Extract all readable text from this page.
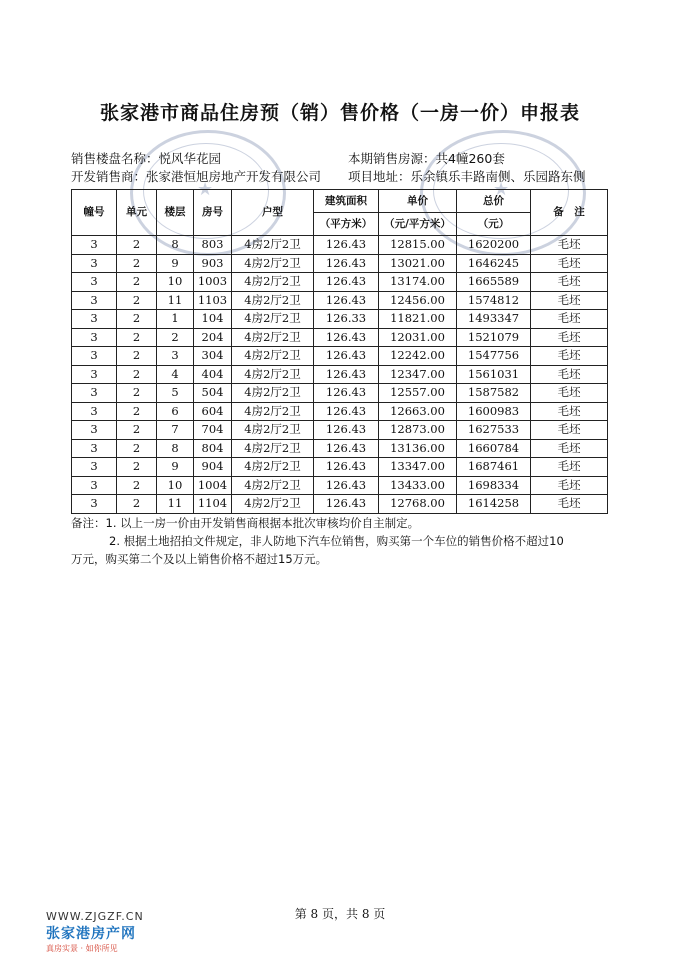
张家港市商品住房预（销）售价格（一房一价）申报表
★	★
销售楼盘名称：悦风华花园	本期销售房源：共4幢260套
开发销售商：张家港恒旭房地产开发有限公司 项目地址：乐余镇乐丰路南侧、乐园路东侧
幢号	单元	楼层	房号	户型	建筑面积	单价	总价	备　注
					（平方米）	（元/平方米）	（元）	
3	2	8	803	4房2厅2卫	126.43	12815.00	1620200	毛坯
3	2	9	903	4房2厅2卫	126.43	13021.00	1646245	毛坯
3	2	10	1003	4房2厅2卫	126.43	13174.00	1665589	毛坯
3	2	11	1103	4房2厅2卫	126.43	12456.00	1574812	毛坯
3	2	1	104	4房2厅2卫	126.33	11821.00	1493347	毛坯
3	2	2	204	4房2厅2卫	126.43	12031.00	1521079	毛坯
3	2	3	304	4房2厅2卫	126.43	12242.00	1547756	毛坯
3	2	4	404	4房2厅2卫	126.43	12347.00	1561031	毛坯
3	2	5	504	4房2厅2卫	126.43	12557.00	1587582	毛坯
3	2	6	604	4房2厅2卫	126.43	12663.00	1600983	毛坯
3	2	7	704	4房2厅2卫	126.43	12873.00	1627533	毛坯
3	2	8	804	4房2厅2卫	126.43	13136.00	1660784	毛坯
3	2	9	904	4房2厅2卫	126.43	13347.00	1687461	毛坯
3	2	10	1004	4房2厅2卫	126.43	13433.00	1698334	毛坯
3	2	11	1104	4房2厅2卫	126.43	12768.00	1614258	毛坯

备注：1. 以上一房一价由开发销售商根据本批次审核均价自主制定。

2. 根据土地招拍文件规定，非人防地下汽车位销售，购买第一个车位的销售价格不超过10

万元，购买第二个及以上销售价格不超过15万元。

第 8 页，共 8 页
WWW.ZJGZF.CN
张家港房产网
真房实景 · 如你所见
